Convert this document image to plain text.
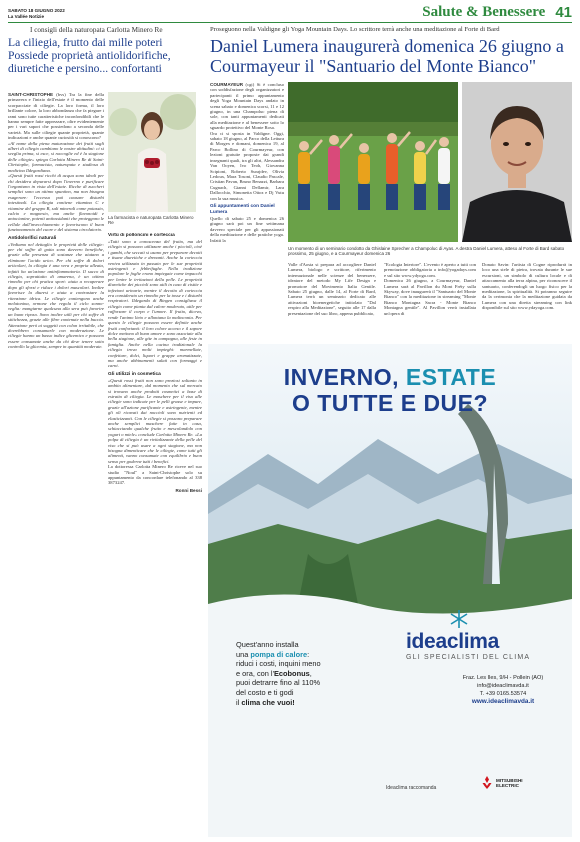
SABATO 18 GIUGNO 2022
La Vallée Notizie	Salute & Benessere 41
I consigli della naturopata Carlotta Minero Re
La ciliegia, frutto dai mille poteri Possiede proprietà antiolidorifiche, diuretiche e persino... confortanti
SAINT-CHRISTOPHE (bvs) Tra la fine della primavera e l'inizio dell'estate è il momento delle scorpacciate di ciliegie. La loro forma, il loro brillante colore, la loro abbondanza che fa piegare i rami sono tutte caratteristiche inconfondibili che le hanno sempre fatte apprezzare, oltre evidentemente per i vari sapori che possiedono a seconda delle varietà. Ma sulle ciliegie quante proprietà, quante indicazioni e anche quante curiosità si conoscono?
«Al nome della piena maturazione dei frutti sugli alberi di ciliegio cambiano le nostre abitudini: ci si sveglia prima, si esce, si raccoglie ed è la stagione delle ciliegie» spiega Carlotta Minero Re di Saint-Christophe, farmacista, naturopata e studiosa di medicina Ildegardiana.
«Questi frutti rossi ricchi di acqua sono ideali per chi desidera depurarsi dopo l'inverno e purificare l'organismo in vista dell'estate. Ricche di zuccheri semplici sono un ottimo spuntino, ma non bisogna esagerare: l'eccesso può causare disturbi intestinali. La ciliegia contiene vitamina C e vitamine del gruppo B, sali minerali come potassio, calcio e magnesio, ma anche flavonoidi e antocianine, potenti antiossidanti che proteggono le cellule dall'invecchiamento e favoriscono il buon funzionamento del cuore e del sistema circolatorio.
Antidolorifici naturali
«Vediamo nel dettaglio le proprietà delle ciliegie: per chi soffre di gotta sono davvero benefiche, grazie alla presenza di sostanze che aiutano a eliminare l'acido urico. Per chi soffre di dolori articolari, la ciliegia è una vera e propria alleata, infatti ha un'azione antinfiammatoria. Il succo di ciliegia, soprattutto di amarena, è un ottimo rimedio per chi pratica sport: aiuta a recuperare dopo gli sforzi e riduce i dolori muscolari. Inoltre favorisce la diuresi e aiuta a contrastare la ritenzione idrica. Le ciliegie contengono anche melatonina, ormone che regola il ciclo sonno-veglia: mangiarne qualcuna alla sera può favorire un buon riposo. Sono inoltre utili per chi soffre di stitichezza, grazie alle fibre contenute nella buccia. Attenzione però ai soggetti con colon irritabile, che dovrebbero consumarle con moderazione. Le ciliegie hanno un basso indice glicemico e possono essere consumate anche da chi deve tenere sotto controllo la glicemia, sempre in quantità moderate.
La farmacista e naturopata Carlotta Minero Re
Virtù di polloncini e corteccia
«Tutti sono a conoscenza del frutto, ma del ciliegio si possono utilizzare anche i piccioli, cioè i gambi, che seccati si usano per preparare decotti e tisane diuretiche e drenanti. Anche la corteccia veniva utilizzata in passato per le sue proprietà astringenti e febbrifughe. Nella tradizione popolare le foglie erano impiegate come impacchi per lenire le irritazioni della pelle. Le proprietà diuretiche dei piccioli sono utili in caso di cistite e infezioni urinarie, mentre il decotto di corteccia era considerato un rimedio per la tosse e i disturbi respiratori. Ildegarda di Bingen consigliava il ciliegio come pianta dal calore moderato, utile per rafforzare il corpo e l'umore. Il frutto, diceva, rende l'animo lieto e allontana la malinconia. Per questo le ciliegie possono essere definite anche frutti confortanti: il loro colore acceso e il sapore dolce mettono di buon umore e sono associate alla bella stagione, alle gite in campagna, alle feste in famiglia. Anche nella cucina tradizionale la ciliegia trova molti impieghi: marmellate, confetture, dolci, liquori e grappe aromatizzate, ma anche abbinamenti salati con formaggi e carni.
Gli utilizzi in cosmetica
«Questi rossi frutti non sono preziosi soltanto in ambito alimentare, dal momento che sul mercato si trovano anche prodotti cosmetici a base di estratto di ciliegia. Le maschere per il viso alle ciliegie sono indicate per le pelli grasse e impure, grazie all'azione purificante e astringente, mentre gli oli ricavati dai noccioli sono nutrienti ed elasticizzanti. Con le ciliegie si possono preparare anche semplici maschere fatte in casa, schiacciando qualche frutto e mescolandolo con yogurt o miele» conclude Carlotta Minero Re. «La polpa di ciliegia è un rivitalizzante della pelle del viso che si può usare a ogni stagione, ma non bisogna dimenticare che le ciliegie, come tutti gli alimenti, vanno consumate con equilibrio e buon senso per goderne tutti i benefici.
La dottoressa Carlotta Minero Re riceve nel suo studio "Noul" a Saint-Christophe solo su appuntamento da concordare telefonando al 338 3873247.
Ronni Bessi
Proseguono nella Valdigne gli Yoga Mountain Days. Lo scrittore terrà anche una meditazione al Forte di Bard
Daniel Lumera inaugurerà domenica 26 giugno a Courmayeur il "Santuario del Monte Bianco"
COURMAYEUR (cgt) Si è concluso con soddisfazione degli organizzatori e partecipanti il primo appuntamento degli Yoga Mountain Days andato in scena sabato e domenica scorsi, 11 e 12 giugno, in una Champoluc piena di sole, con tanti appuntamenti dedicati alla meditazione e al benessere sotto lo sguardo protettivo del Monte Rosa.
Ora ci si sposta in Valdigne. Oggi, sabato 18 giugno, al Parco della Lettura di Morgex e domani, domenica 19, al Parco Bollino di Courmayeur, con lezioni gratuite proposte dai grandi insegnanti quali, tra gli altri, Alessandra Van Ooyen, Ivo Teoh, Giovanna Scipioni, Roberto Surajdev, Olivia Ledoux, Mara Tosoni, Claudio Pascale, Cristian Pavan, Bruno Benazzi, Barbara Cugnach, Gianni Dellamir, Lara Dallocchio, Simonetta Ottoz e Dj Vutu con la sua musica.
Gli appuntamenti con Daniel Lumera
Quello di sabato 25 e domenica 26 giugno sarà poi un fine settimana davvero speciale per gli appassionati della meditazione e delle pratiche yoga. Infatti la
Un momento di un seminario condotto da Ghislaine Sprecher a Champoluc di Ayas. A destra Daniel Lumera, atteso al Forte di Bard sabato prossimo, 25 giugno, e a Courmayeur domenica 26
Valle d'Aosta si prepara ad accogliere Daniel Lumera, biologo e scrittore, riferimento internazionale nelle scienze del benessere, ideatore del metodo My Life Design e promotore del Movimento Italia Gentile. Sabato 25 giugno, dalle 14, al Forte di Bard, Lumera terrà un seminario dedicato alle attivazioni bioenergetiche intitolato "Dal respiro alla Meditazione", seguito alle 17 dalla presentazione del suo libro, appena pubblicato,
"Ecologia Interiore". L'evento è aperto a tutti con prenotazione obbligatoria a info@yogadays.com e sul sito www.ydyoga.com.
Domenica 26 giugno, a Courmayeur, Daniel Lumera sarà al Pavillon du Mont Fréty sulla Skyway, dove inaugurerà il "Santuario del Monte Bianco" con la meditazione in streaming "Monte Bianco Montagna Sacra - Monte Bianco Montagna gentile". Al Pavillon verrà installata un'opera di
Donato Savin: l'artista di Cogne riprodurrà in loco una stele di pietra, trovata durante le sue escursioni, un simbolo di cultura locale e di attaccamento alla terra alpina, per riconoscere il santuario, conferendogli un luogo fisico per la meditazione, la spiritualità. Si potranno seguire da la cerimonia che la meditazione guidata da Lumera con una diretta streaming con link disponibile sul sito www.ydayoga.com.
INVERNO, ESTATE
O TUTTE E DUE?
Quest'anno installa
una pompa di calore:
riduci i costi, inquini meno
e ora, con l'Ecobonus,
puoi detrarre fino al 110%
del costo e ti godi
il clima che vuoi!
ideaclima
GLI SPECIALISTI DEL CLIMA
Fraz. Les Iles, 9/H - Pollein (AO)
info@ideaclimavda.it
T. +39 0165.53574
www.ideaclimavda.it
Ideaclima raccomanda
MITSUBISHI
ELECTRIC
